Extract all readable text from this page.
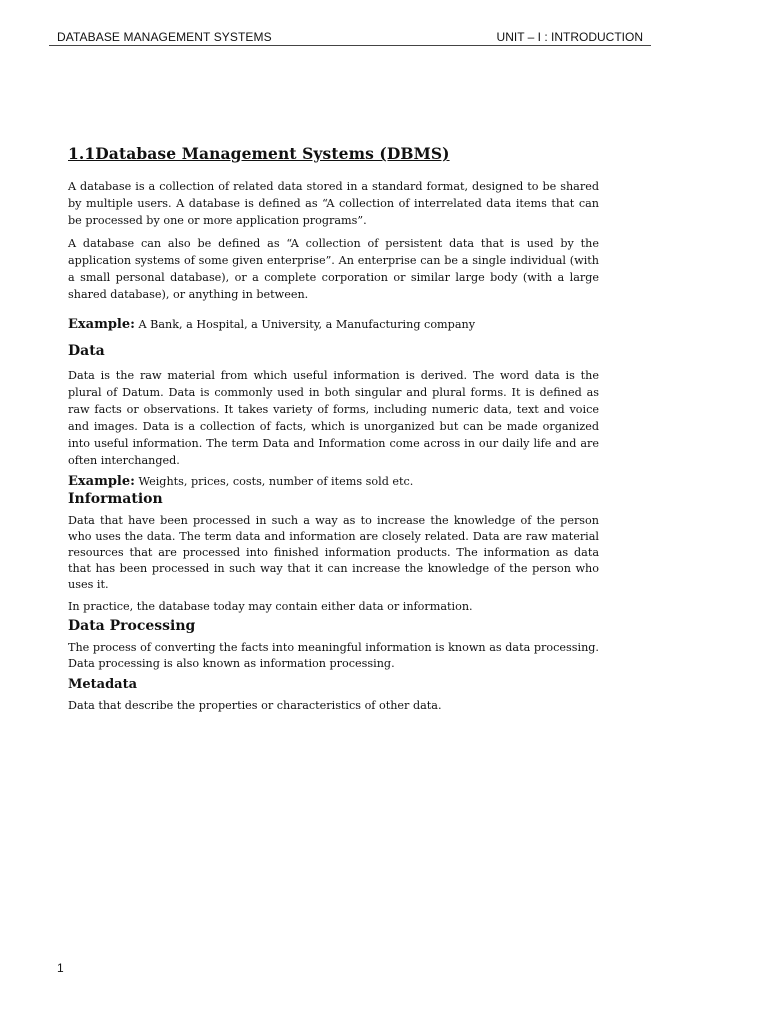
DATABASE MANAGEMENT SYSTEMS	UNIT – I : INTRODUCTION
1.1Database Management Systems (DBMS)

A database is a collection of related data stored in a standard format, designed to be shared by multiple users. A database is defined as “A collection of interrelated data items that can be processed by one or more application programs”.

A database can also be defined as “A collection of persistent data that is used by the application systems of some given enterprise”. An enterprise can be a single individual (with a small personal database), or a complete corporation or similar large body (with a large shared database), or anything in between.

Example: A Bank, a Hospital, a University, a Manufacturing company

Data

Data is the raw material from which useful information is derived. The word data is the plural of Datum. Data is commonly used in both singular and plural forms. It is defined as raw facts or observations. It takes variety of forms, including numeric data, text and voice and images. Data is a collection of facts, which is unorganized but can be made organized into useful information. The term Data and Information come across in our daily life and are often interchanged.

Example: Weights, prices, costs, number of items sold etc.

Information

Data that have been processed in such a way as to increase the knowledge of the person who uses the data. The term data and information are closely related. Data are raw material resources that are processed into finished information products. The information as data that has been processed in such way that it can increase the knowledge of the person who uses it.

In practice, the database today may contain either data or information.

Data Processing

The process of converting the facts into meaningful information is known as data processing. Data processing is also known as information processing.

Metadata

Data that describe the properties or characteristics of other data.

1
